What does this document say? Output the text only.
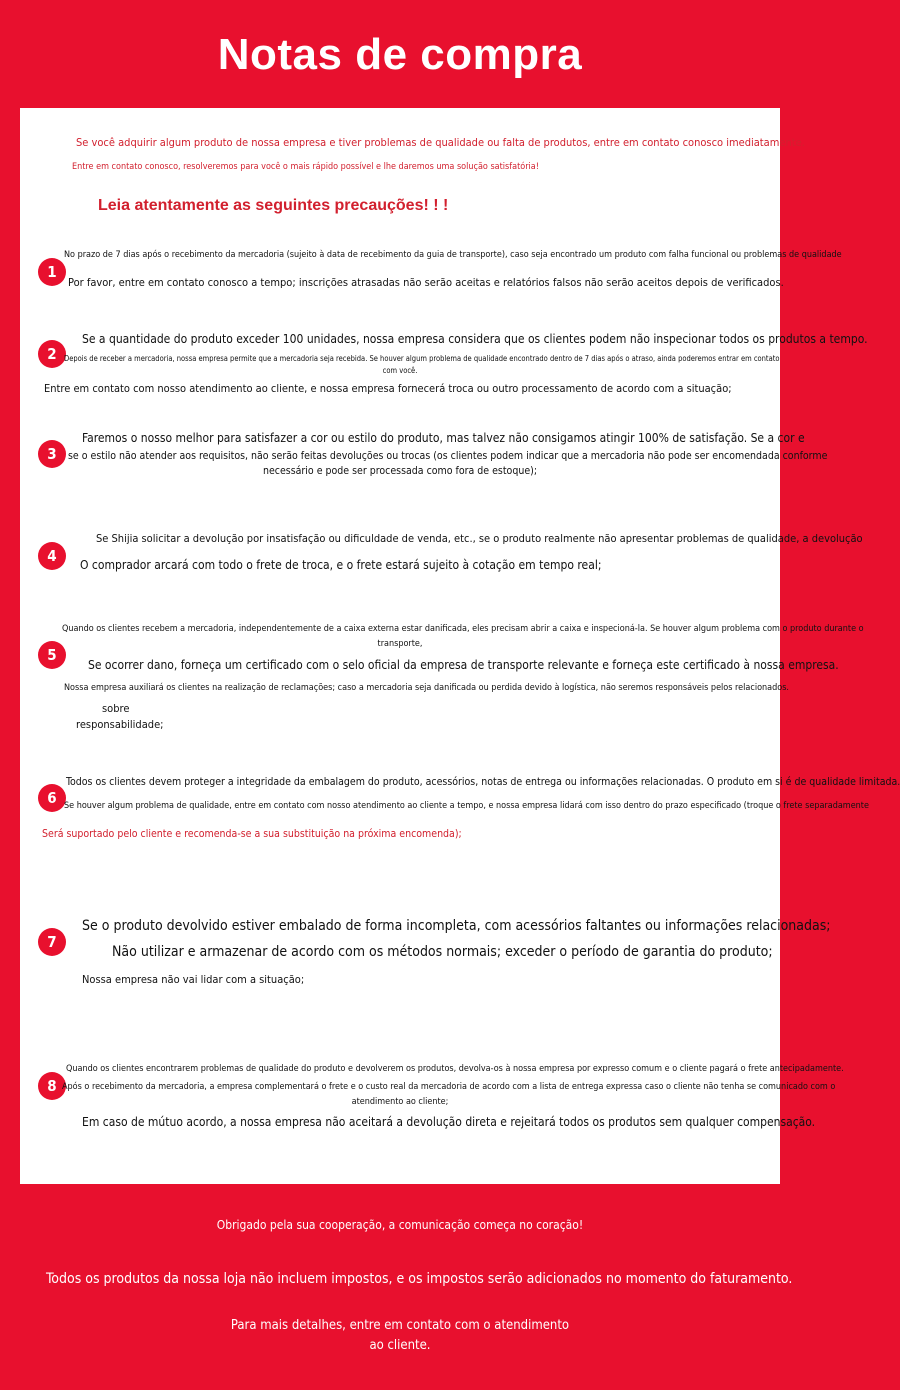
Notas de compra
Se você adquirir algum produto de nossa empresa e tiver problemas de qualidade ou falta de produtos, entre em contato conosco imediatamente.
Entre em contato conosco, resolveremos para você o mais rápido possível e lhe daremos uma solução satisfatória!
Leia atentamente as seguintes precauções! ! !
1
No prazo de 7 dias após o recebimento da mercadoria (sujeito à data de recebimento da guia de transporte), caso seja encontrado um produto com falha funcional ou problemas de qualidade
Por favor, entre em contato conosco a tempo; inscrições atrasadas não serão aceitas e relatórios falsos não serão aceitos depois de verificados.
2
Se a quantidade do produto exceder 100 unidades, nossa empresa considera que os clientes podem não inspecionar todos os produtos a tempo.
Depois de receber a mercadoria, nossa empresa permite que a mercadoria seja recebida. Se houver algum problema de qualidade encontrado dentro de 7 dias após o atraso, ainda poderemos entrar em contato
com você.
Entre em contato com nosso atendimento ao cliente, e nossa empresa fornecerá troca ou outro processamento de acordo com a situação;
3
Faremos o nosso melhor para satisfazer a cor ou estilo do produto, mas talvez não consigamos atingir 100% de satisfação. Se a cor e
se o estilo não atender aos requisitos, não serão feitas devoluções ou trocas (os clientes podem indicar que a mercadoria não pode ser encomendada conforme
necessário e pode ser processada como fora de estoque);
4
Se Shijia solicitar a devolução por insatisfação ou dificuldade de venda, etc., se o produto realmente não apresentar problemas de qualidade, a devolução
O comprador arcará com todo o frete de troca, e o frete estará sujeito à cotação em tempo real;
5
Quando os clientes recebem a mercadoria, independentemente de a caixa externa estar danificada, eles precisam abrir a caixa e inspecioná-la. Se houver algum problema com o produto durante o
transporte,
Se ocorrer dano, forneça um certificado com o selo oficial da empresa de transporte relevante e forneça este certificado à nossa empresa.
Nossa empresa auxiliará os clientes na realização de reclamações; caso a mercadoria seja danificada ou perdida devido à logística, não seremos responsáveis pelos relacionados.
sobre
responsabilidade;
6
Todos os clientes devem proteger a integridade da embalagem do produto, acessórios, notas de entrega ou informações relacionadas. O produto em si é de qualidade limitada.
Se houver algum problema de qualidade, entre em contato com nosso atendimento ao cliente a tempo, e nossa empresa lidará com isso dentro do prazo especificado (troque o frete separadamente
Será suportado pelo cliente e recomenda-se a sua substituição na próxima encomenda);
7
Se o produto devolvido estiver embalado de forma incompleta, com acessórios faltantes ou informações relacionadas;
Não utilizar e armazenar de acordo com os métodos normais; exceder o período de garantia do produto;
Nossa empresa não vai lidar com a situação;
8
Quando os clientes encontrarem problemas de qualidade do produto e devolverem os produtos, devolva-os à nossa empresa por expresso comum e o cliente pagará o frete antecipadamente.
Após o recebimento da mercadoria, a empresa complementará o frete e o custo real da mercadoria de acordo com a lista de entrega expressa caso o cliente não tenha se comunicado com o
atendimento ao cliente;
Em caso de mútuo acordo, a nossa empresa não aceitará a devolução direta e rejeitará todos os produtos sem qualquer compensação.
Obrigado pela sua cooperação, a comunicação começa no coração!
Todos os produtos da nossa loja não incluem impostos, e os impostos serão adicionados no momento do faturamento.
Para mais detalhes, entre em contato com o atendimento
ao cliente.
